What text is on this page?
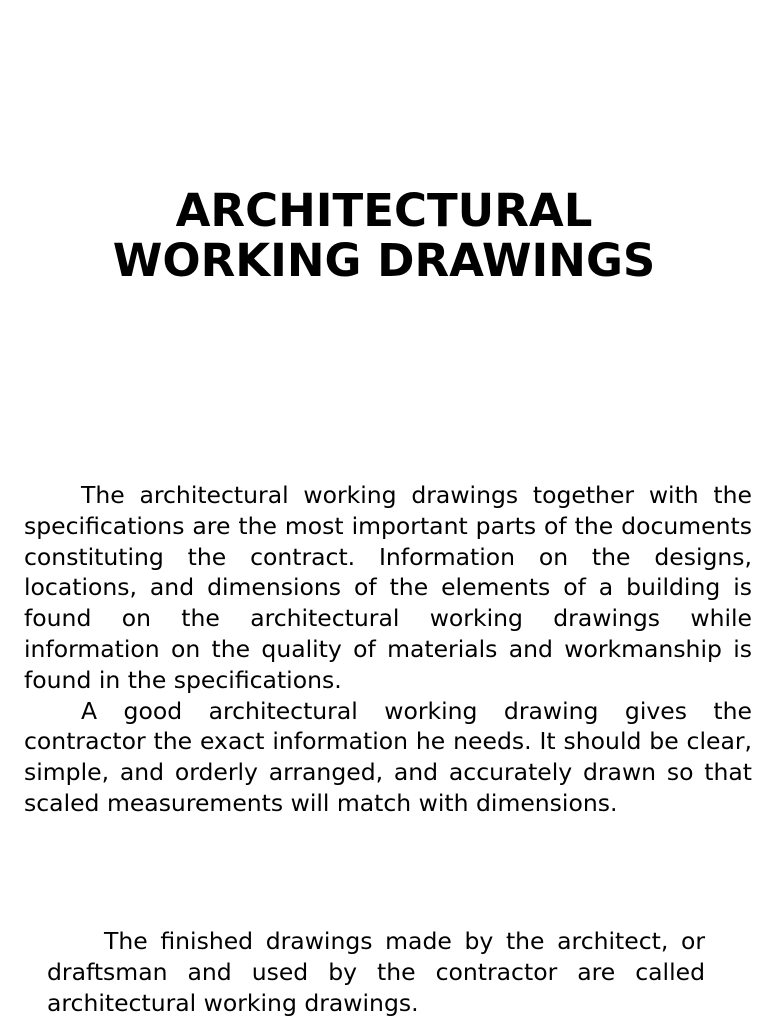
ARCHITECTURAL
WORKING DRAWINGS

The architectural working drawings together with the specifications are the most important parts of the documents constituting the contract. Information on the designs, locations, and dimensions of the elements of a building is found on the architectural working drawings while information on the quality of materials and workmanship is found in the specifications.

A good architectural working drawing gives the contractor the exact information he needs. It should be clear, simple, and orderly arranged, and accurately drawn so that scaled measurements will match with dimensions.

The finished drawings made by the architect, or draftsman and used by the contractor are called architectural working drawings.
